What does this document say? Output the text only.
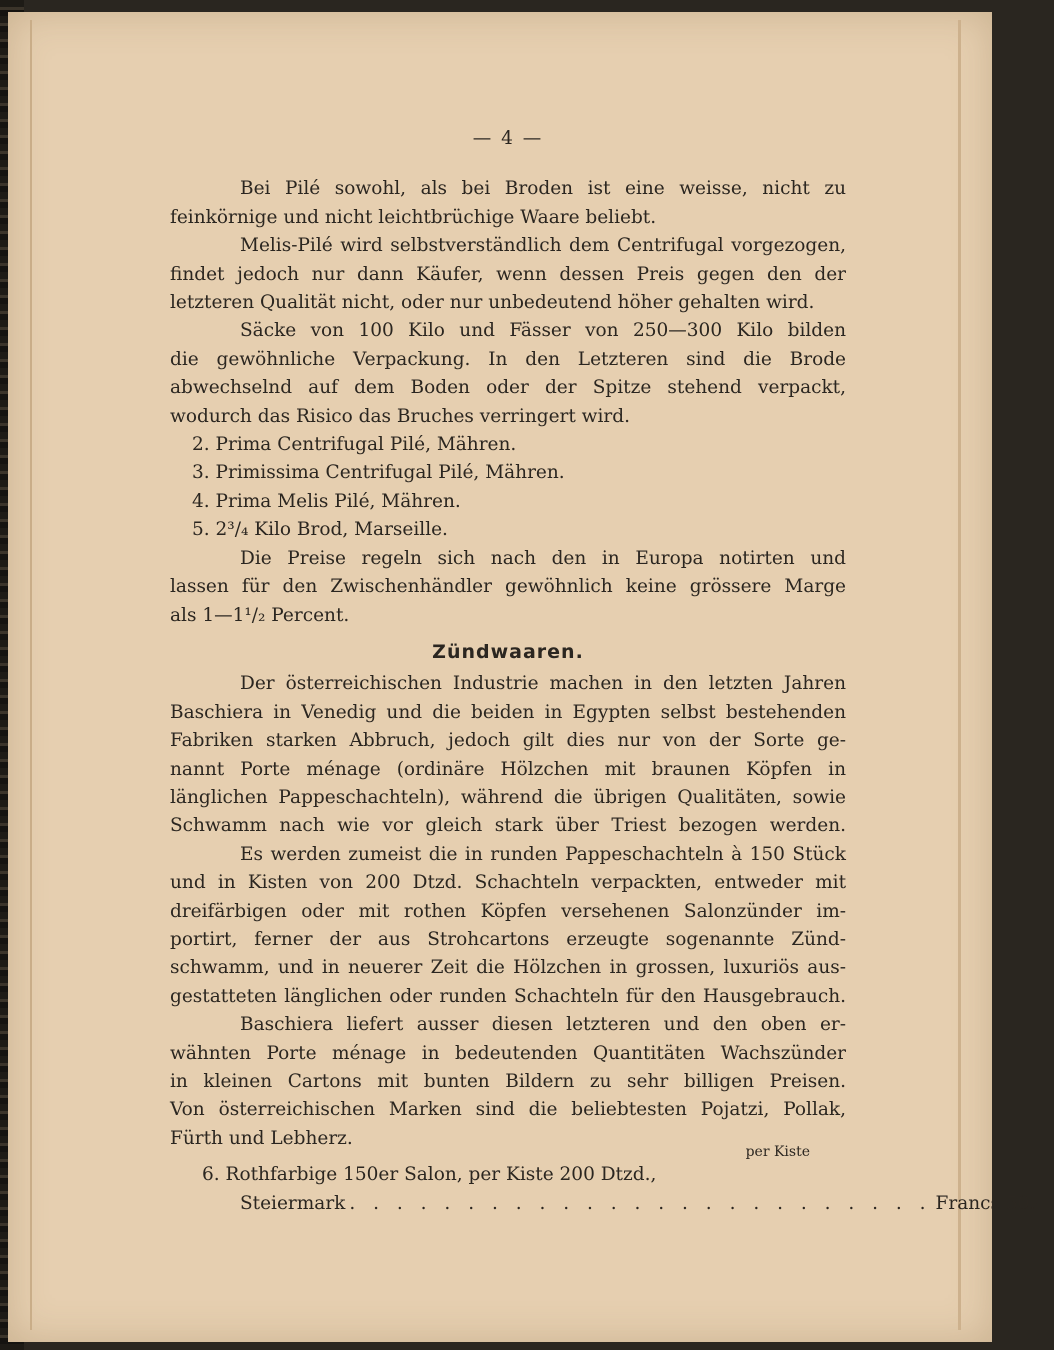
— 4 —

Bei Pilé sowohl, als bei Broden ist eine weisse, nicht zu

feinkörnige und nicht leichtbrüchige Waare beliebt.

Melis-Pilé wird selbstverständlich dem Centrifugal vorgezogen,

findet jedoch nur dann Käufer, wenn dessen Preis gegen den der

letzteren Qualität nicht, oder nur unbedeutend höher gehalten wird.

Säcke von 100 Kilo und Fässer von 250—300 Kilo bilden

die gewöhnliche Verpackung. In den Letzteren sind die Brode

abwechselnd auf dem Boden oder der Spitze stehend verpackt,

wodurch das Risico das Bruches verringert wird.

2. Prima Centrifugal Pilé, Mähren.

3. Primissima Centrifugal Pilé, Mähren.

4. Prima Melis Pilé, Mähren.

5. 2³/₄ Kilo Brod, Marseille.

Die Preise regeln sich nach den in Europa notirten und

lassen für den Zwischenhändler gewöhnlich keine grössere Marge

als 1—1¹/₂ Percent.

Zündwaaren.

Der österreichischen Industrie machen in den letzten Jahren

Baschiera in Venedig und die beiden in Egypten selbst bestehenden

Fabriken starken Abbruch, jedoch gilt dies nur von der Sorte ge-

nannt Porte ménage (ordinäre Hölzchen mit braunen Köpfen in

länglichen Pappeschachteln), während die übrigen Qualitäten, sowie

Schwamm nach wie vor gleich stark über Triest bezogen werden.

Es werden zumeist die in runden Pappeschachteln à 150 Stück

und in Kisten von 200 Dtzd. Schachteln verpackten, entweder mit

dreifärbigen oder mit rothen Köpfen versehenen Salonzünder im-

portirt, ferner der aus Strohcartons erzeugte sogenannte Zünd-

schwamm, und in neuerer Zeit die Hölzchen in grossen, luxuriös aus-

gestatteten länglichen oder runden Schachteln für den Hausgebrauch.

Baschiera liefert ausser diesen letzteren und den oben er-

wähnten Porte ménage in bedeutenden Quantitäten Wachszünder

in kleinen Cartons mit bunten Bildern zu sehr billigen Preisen.

Von österreichischen Marken sind die beliebtesten Pojatzi, Pollak,

Fürth und Lebherz.

per Kiste

6. Rothfarbige 150er Salon, per Kiste 200 Dtzd.,

Steiermark . . . . . . . . . . . . . . . . . . . . . . . . . Francs 50.—
